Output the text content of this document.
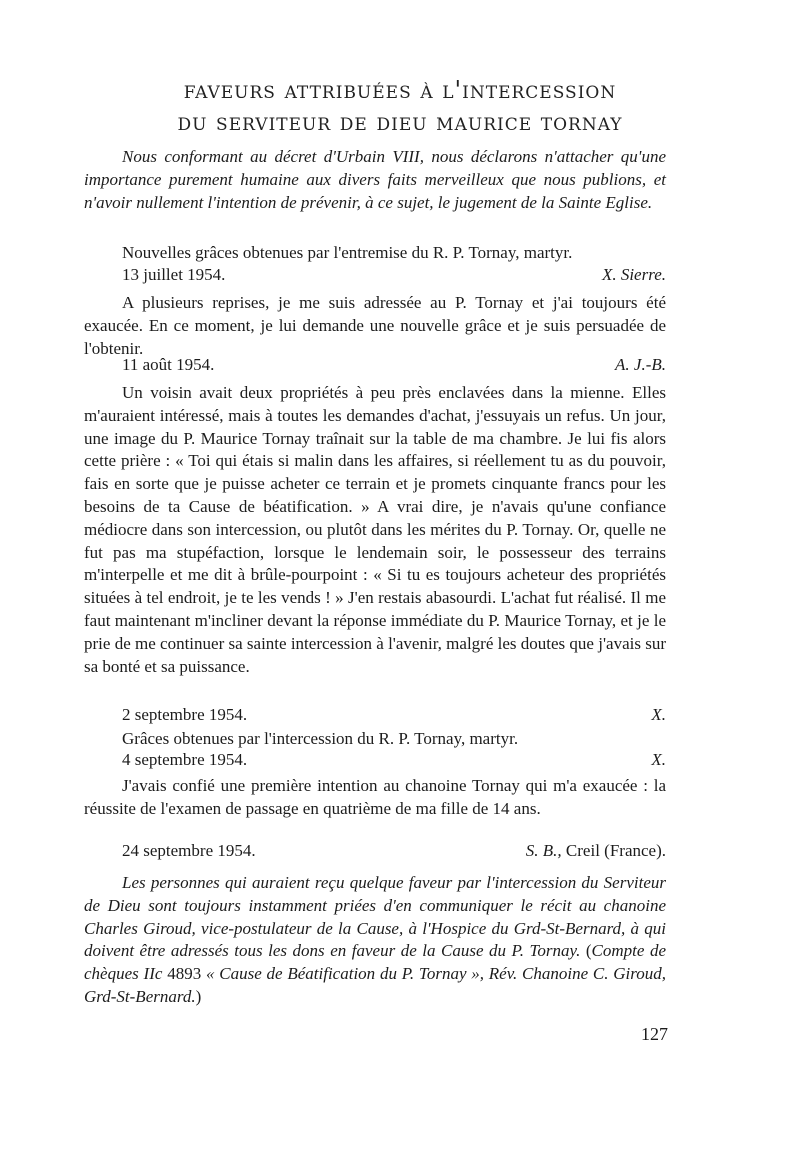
faveurs attribuées à l'intercession
du serviteur de dieu maurice tornay

Nous conformant au décret d'Urbain VIII, nous déclarons n'attacher qu'une importance purement humaine aux divers faits merveilleux que nous publions, et n'avoir nullement l'intention de prévenir, à ce sujet, le jugement de la Sainte Eglise.

Nouvelles grâces obtenues par l'entremise du R. P. Tornay, martyr.

13 juillet 1954.	X. Sierre.

A plusieurs reprises, je me suis adressée au P. Tornay et j'ai toujours été exaucée. En ce moment, je lui demande une nouvelle grâce et je suis persuadée de l'obtenir.

11 août 1954.	A. J.-B.

Un voisin avait deux propriétés à peu près enclavées dans la mienne. Elles m'auraient intéressé, mais à toutes les demandes d'achat, j'essuyais un refus. Un jour, une image du P. Maurice Tornay traînait sur la table de ma chambre. Je lui fis alors cette prière : « Toi qui étais si malin dans les affaires, si réellement tu as du pouvoir, fais en sorte que je puisse acheter ce terrain et je promets cinquante francs pour les besoins de ta Cause de béatification. » A vrai dire, je n'avais qu'une confiance médiocre dans son intercession, ou plutôt dans les mérites du P. Tornay. Or, quelle ne fut pas ma stupéfaction, lorsque le lendemain soir, le possesseur des terrains m'interpelle et me dit à brûle-pourpoint : « Si tu es toujours acheteur des propriétés situées à tel endroit, je te les vends ! » J'en restais abasourdi. L'achat fut réalisé. Il me faut maintenant m'incliner devant la réponse immédiate du P. Maurice Tornay, et je le prie de me continuer sa sainte intercession à l'avenir, malgré les doutes que j'avais sur sa bonté et sa puissance.

2 septembre 1954.	X.

Grâces obtenues par l'intercession du R. P. Tornay, martyr.

4 septembre 1954.	X.

J'avais confié une première intention au chanoine Tornay qui m'a exaucée : la réussite de l'examen de passage en quatrième de ma fille de 14 ans.

24 septembre 1954.	S. B., Creil (France).

Les personnes qui auraient reçu quelque faveur par l'intercession du Serviteur de Dieu sont toujours instamment priées d'en communiquer le récit au chanoine Charles Giroud, vice-postulateur de la Cause, à l'Hospice du Grd-St-Bernard, à qui doivent être adressés tous les dons en faveur de la Cause du P. Tornay. (Compte de chèques IIc 4893 « Cause de Béatification du P. Tornay », Rév. Chanoine C. Giroud, Grd-St-Bernard.)

127
